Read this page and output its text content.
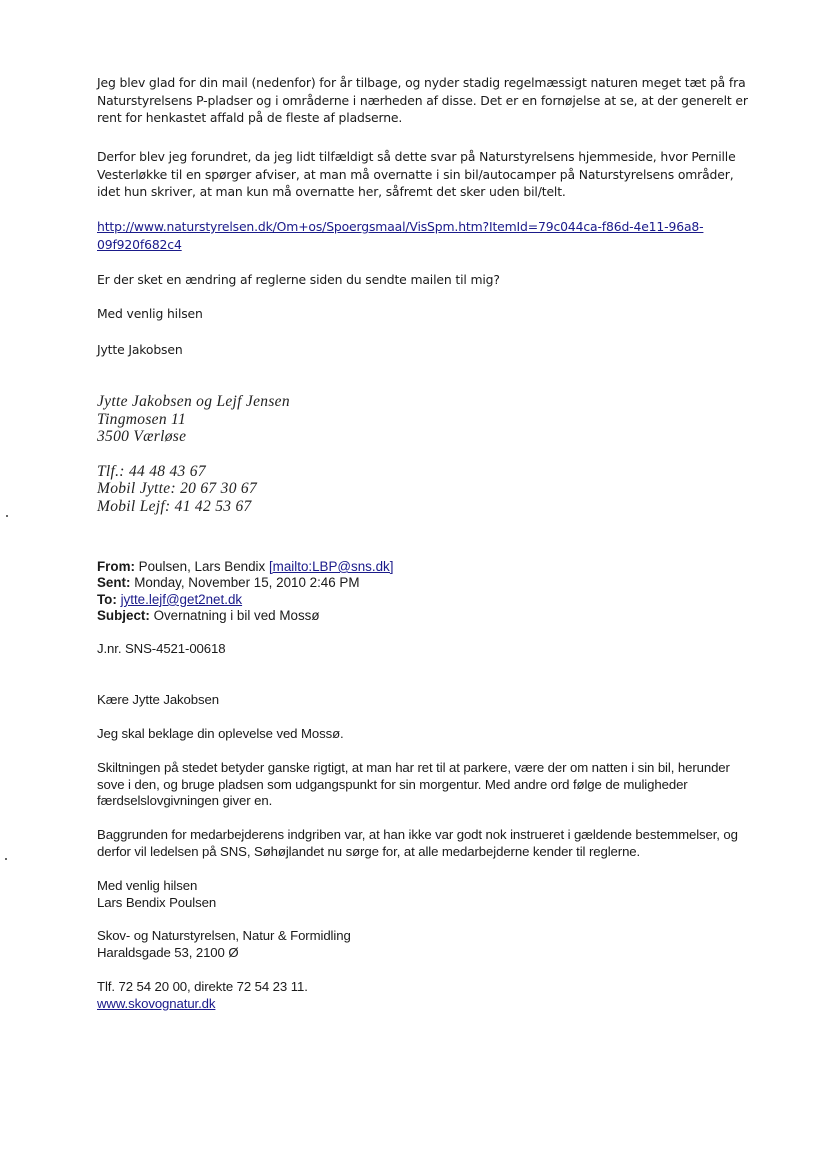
Jeg blev glad for din mail (nedenfor) for år tilbage, og nyder stadig regelmæssigt naturen meget tæt på fra Naturstyrelsens P-pladser og i områderne i nærheden af disse. Det er en fornøjelse at se, at der generelt er rent for henkastet affald på de fleste af pladserne.

Derfor blev jeg forundret, da jeg lidt tilfældigt så dette svar på Naturstyrelsens hjemmeside, hvor Pernille Vesterløkke til en spørger afviser, at man må overnatte i sin bil/autocamper på Naturstyrelsens områder, idet hun skriver, at man kun må overnatte her, såfremt det sker uden bil/telt.

http://www.naturstyrelsen.dk/Om+os/Spoergsmaal/VisSpm.htm?ItemId=79c044ca-f86d-4e11-96a8-
09f920f682c4

Er der sket en ændring af reglerne siden du sendte mailen til mig?

Med venlig hilsen

Jytte Jakobsen

Jytte Jakobsen og Lejf Jensen
Tingmosen 11
3500 Værløse
Tlf.: 44 48 43 67
Mobil Jytte: 20 67 30 67
Mobil Lejf: 41 42 53 67
From: Poulsen, Lars Bendix [mailto:LBP@sns.dk]
Sent: Monday, November 15, 2010 2:46 PM
To: jytte.lejf@get2net.dk
Subject: Overnatning i bil ved Mossø

J.nr. SNS-4521-00618

Kære Jytte Jakobsen

Jeg skal beklage din oplevelse ved Mossø.

Skiltningen på stedet betyder ganske rigtigt, at man har ret til at parkere, være der om natten i sin bil, herunder sove i den, og bruge pladsen som udgangspunkt for sin morgentur. Med andre ord følge de muligheder færdselslovgivningen giver en.

Baggrunden for medarbejderens indgriben var, at han ikke var godt nok instrueret i gældende bestemmelser, og derfor vil ledelsen på SNS, Søhøjlandet nu sørge for, at alle medarbejderne kender til reglerne.

Med venlig hilsen
Lars Bendix Poulsen
Skov- og Naturstyrelsen, Natur & Formidling
Haraldsgade 53, 2100 Ø
Tlf. 72 54 20 00, direkte 72 54 23 11.
www.skovognatur.dk
